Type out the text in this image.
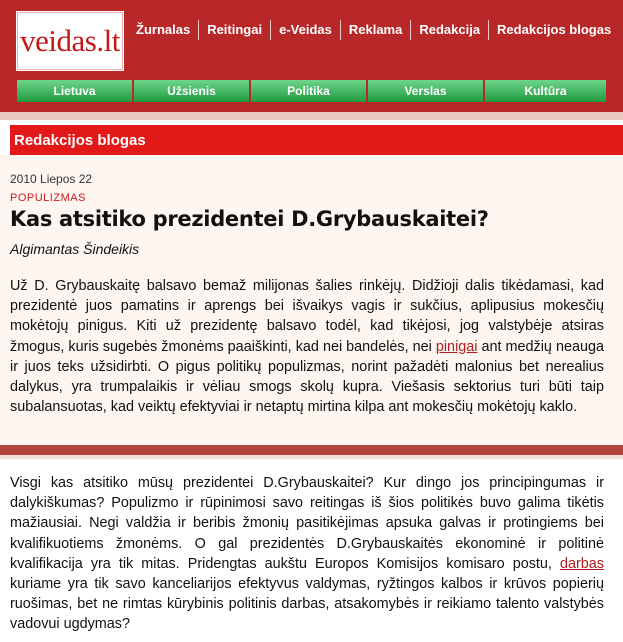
veidas.lt	Žurnalas	Reitingai	e-Veidas	Reklama	Redakcija	Redakcijos blogas
Lietuva	Užsienis	Politika	Verslas	Kultūra
Redakcijos blogas
2010 Liepos 22
POPULIZMAS
Kas atsitiko prezidentei D.Grybauskaitei?
Algimantas Šindeikis

Už D. Grybauskaitę balsavo bemaž milijonas šalies rinkėjų. Didžioji dalis tikėdamasi, kad prezidentė juos pamatins ir aprengs bei išvaikys vagis ir sukčius, aplipusius mokesčių mokėtojų pinigus. Kiti už prezidentę balsavo todėl, kad tikėjosi, jog valstybėje atsiras žmogus, kuris sugebės žmonėms paaiškinti, kad nei bandelės, nei pinigai ant medžių neauga ir juos teks užsidirbti. O pigus politikų populizmas, norint pažadėti malonius bet nerealius dalykus, yra trumpalaikis ir vėliau smogs skolų kupra. Viešasis sektorius turi būti taip subalansuotas, kad veiktų efektyviai ir netaptų mirtina kilpa ant mokesčių mokėtojų kaklo.

Visgi kas atsitiko mūsų prezidentei D.Grybauskaitei? Kur dingo jos principingumas ir dalykiškumas? Populizmo ir rūpinimosi savo reitingas iš šios politikės buvo galima tikėtis mažiausiai. Negi valdžia ir beribis žmonių pasitikėjimas apsuka galvas ir protingiems bei kvalifikuotiems žmonėms. O gal prezidentės D.Grybauskaitės ekonominė ir politinė kvalifikacija yra tik mitas. Pridengtas aukštu Europos Komisijos komisaro postu, darbas kuriame yra tik savo kanceliarijos efektyvus valdymas, ryžtingos kalbos ir krūvos popierių ruošimas, bet ne rimtas kūrybinis politinis darbas, atsakomybės ir reikiamo talento valstybės vadovui ugdymas?
